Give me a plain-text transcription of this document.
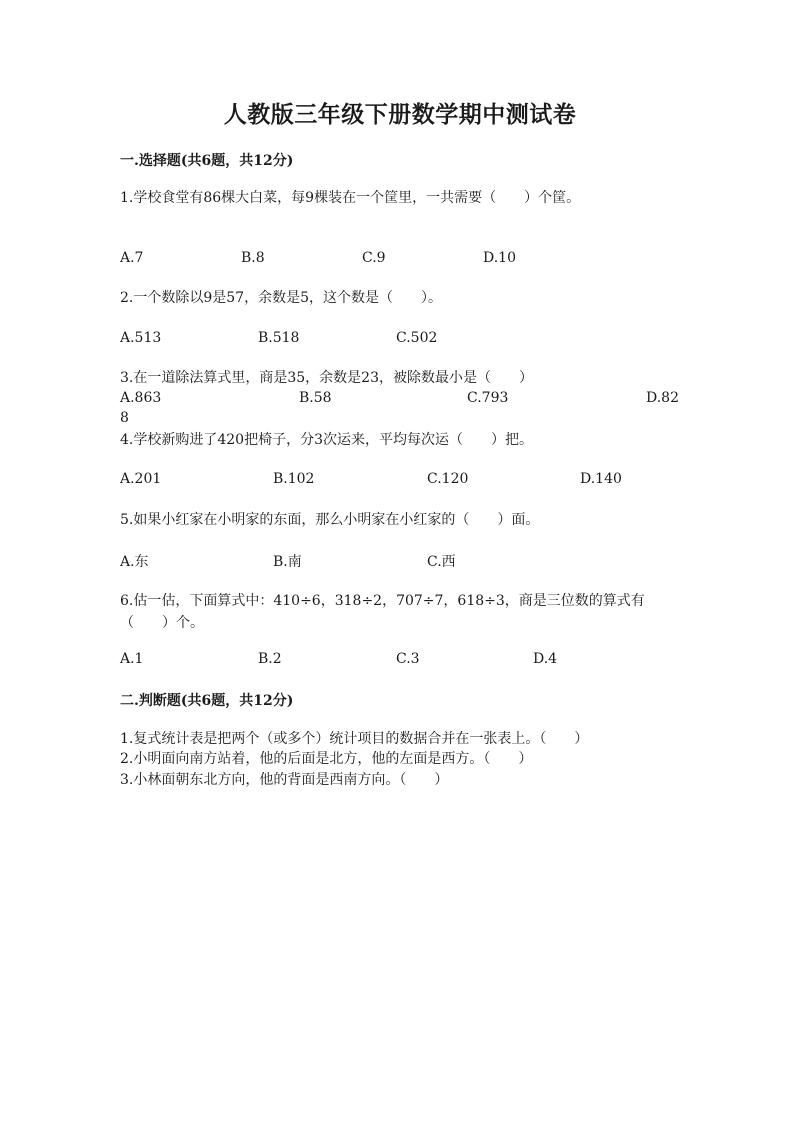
人教版三年级下册数学期中测试卷
一.选择题(共6题，共12分)
1.学校食堂有86棵大白菜，每9棵装在一个筐里，一共需要（　　）个筐。
A.7	B.8	C.9	D.10
2.一个数除以9是57，余数是5，这个数是（　　）。
A.513	B.518	C.502
3.在一道除法算式里，商是35，余数是23，被除数最小是（　　）
A.863	B.58	C.793	D.82
8
4.学校新购进了420把椅子，分3次运来，平均每次运（　　）把。
A.201	B.102	C.120	D.140
5.如果小红家在小明家的东面，那么小明家在小红家的（　　）面。
A.东	B.南	C.西
6.估一估，下面算式中：410÷6，318÷2，707÷7，618÷3，商是三位数的算式有（　　）个。
A.1	B.2	C.3	D.4
二.判断题(共6题，共12分)
1.复式统计表是把两个（或多个）统计项目的数据合并在一张表上。（　　）
2.小明面向南方站着，他的后面是北方，他的左面是西方。（　　）
3.小林面朝东北方向，他的背面是西南方向。（　　）
